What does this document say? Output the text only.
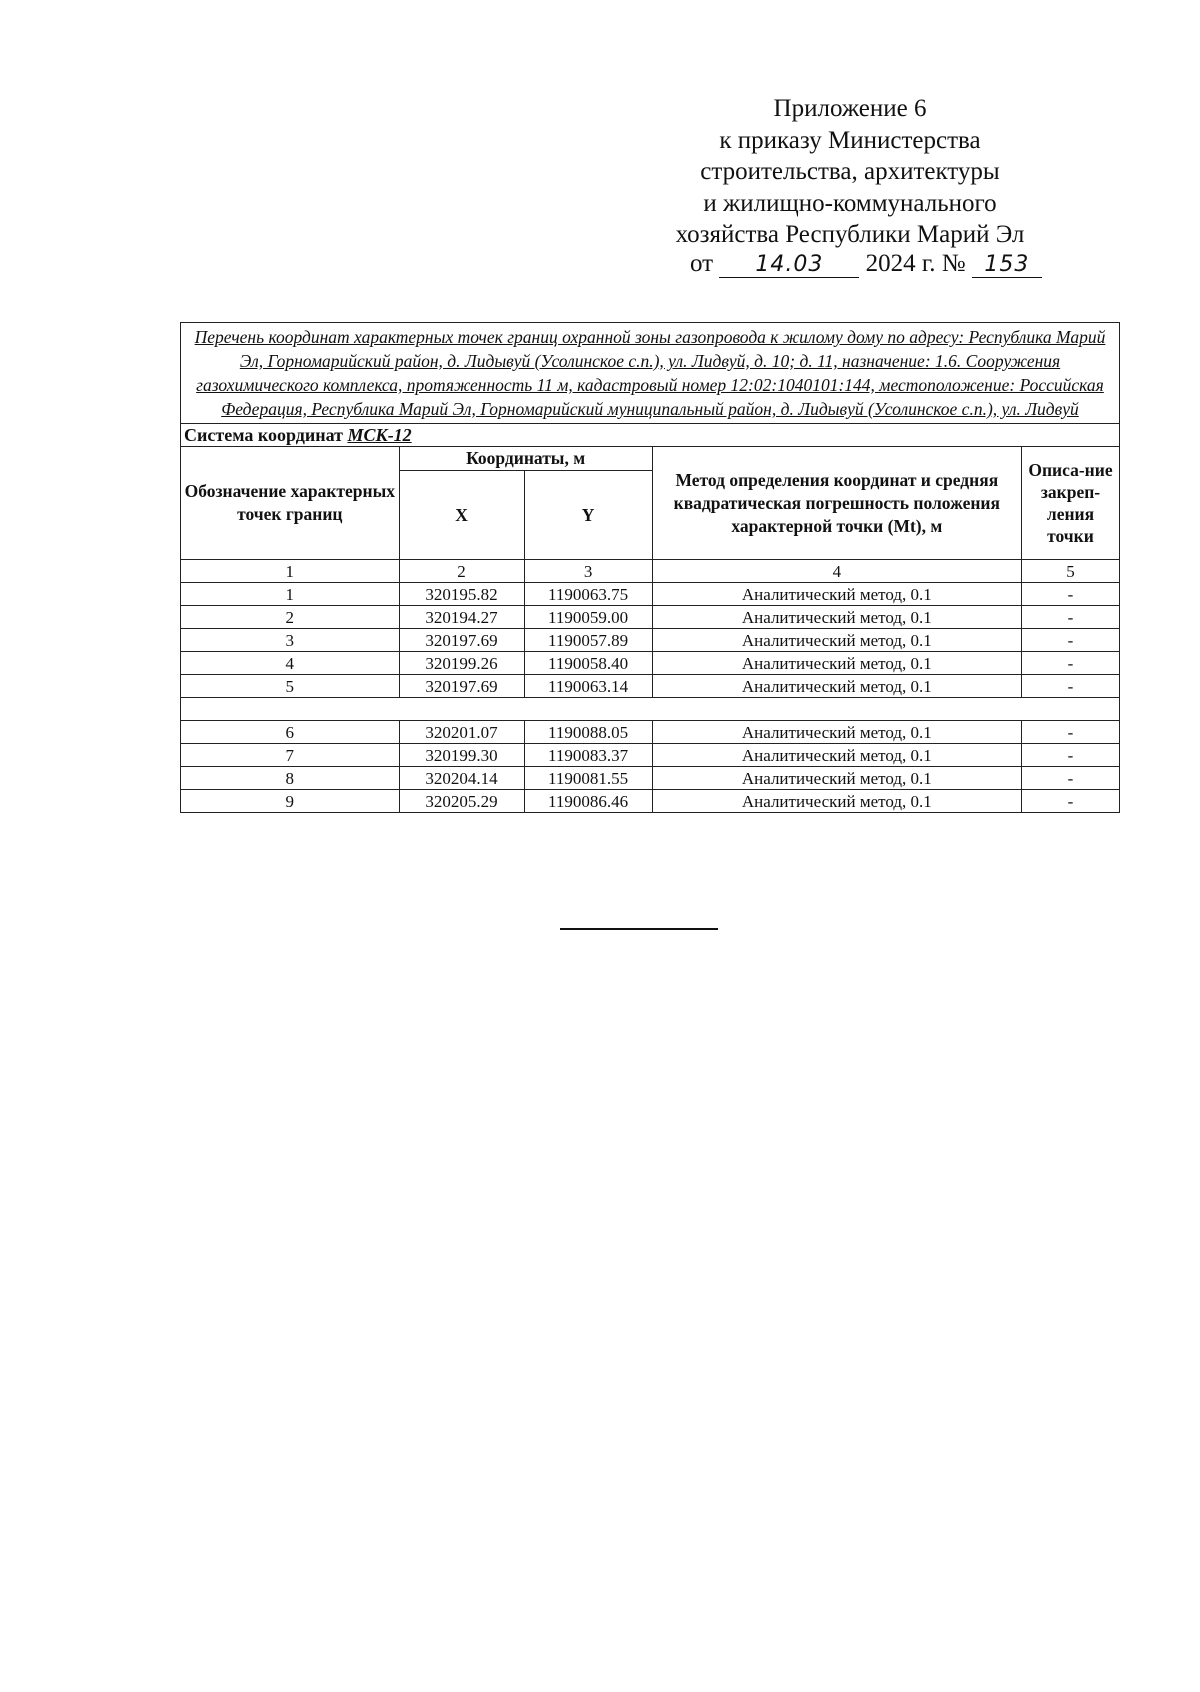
Приложение 6
к приказу Министерства
строительства, архитектуры
и жилищно-коммунального
хозяйства Республики Марий Эл
от 14.03 2024 г. № 153
Перечень координат характерных точек границ охранной зоны газопровода к жилому дому по адресу: Республика Марий Эл, Горномарийский район, д. Лидывуй (Усолинское с.п.), ул. Лидвуй, д. 10; д. 11, назначение: 1.6. Сооружения газохимического комплекса, протяженность 11 м, кадастровый номер 12:02:1040101:144, местоположение: Российская Федерация, Республика Марий Эл, Горномарийский муниципальный район, д. Лидывуй (Усолинское с.п.), ул. Лидвуй				
Система координат МСК-12				
Обозначение характерных точек границ	Координаты, м		Метод определения координат и средняя квадратическая погрешность положения характерной точки (Mt), м	Описа-ние закреп-ления точки
	X	Y		
1	2	3	4	5
1	320195.82	1190063.75	Аналитический метод, 0.1	-
2	320194.27	1190059.00	Аналитический метод, 0.1	-
3	320197.69	1190057.89	Аналитический метод, 0.1	-
4	320199.26	1190058.40	Аналитический метод, 0.1	-
5	320197.69	1190063.14	Аналитический метод, 0.1	-

6	320201.07	1190088.05	Аналитический метод, 0.1	-
7	320199.30	1190083.37	Аналитический метод, 0.1	-
8	320204.14	1190081.55	Аналитический метод, 0.1	-
9	320205.29	1190086.46	Аналитический метод, 0.1	-
